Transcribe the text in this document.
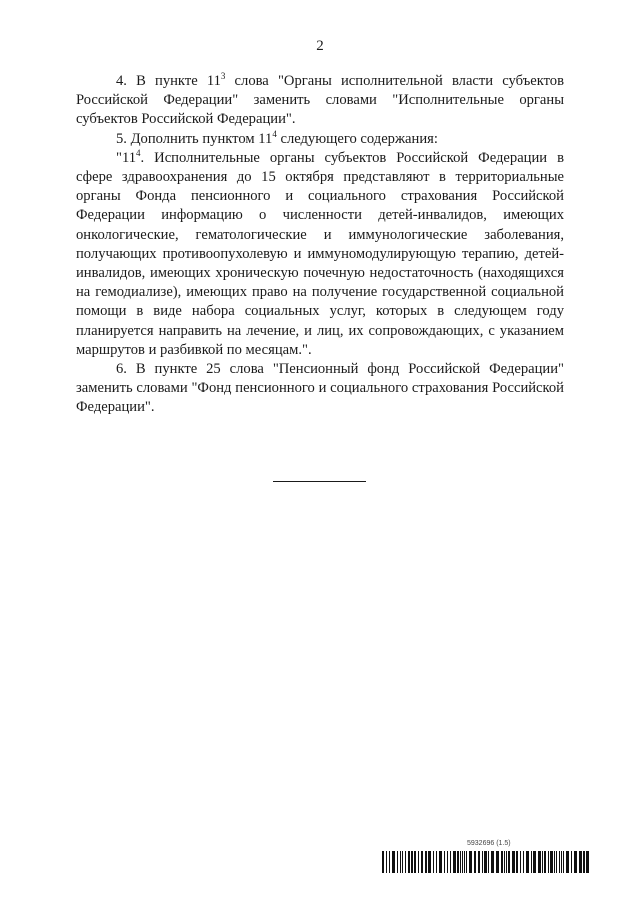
2

4. В пункте $11^3$ слова "Органы исполнительной власти субъектов Российской Федерации" заменить словами "Исполнительные органы субъектов Российской Федерации".

5. Дополнить пунктом $11^4$ следующего содержания:

"$11^4$. Исполнительные органы субъектов Российской Федерации в сфере здравоохранения до 15 октября представляют в территориальные органы Фонда пенсионного и социального страхования Российской Федерации информацию о численности детей-инвалидов, имеющих онкологические, гематологические и иммунологические заболевания, получающих противоопухолевую и иммуномодулирующую терапию, детей-инвалидов, имеющих хроническую почечную недостаточность (находящихся на гемодиализе), имеющих право на получение государственной социальной помощи в виде набора социальных услуг, которых в следующем году планируется направить на лечение, и лиц, их сопровождающих, с указанием маршрутов и разбивкой по месяцам.".

6. В пункте 25 слова "Пенсионный фонд Российской Федерации" заменить словами "Фонд пенсионного и социального страхования Российской Федерации".

5932696 (1.5)
